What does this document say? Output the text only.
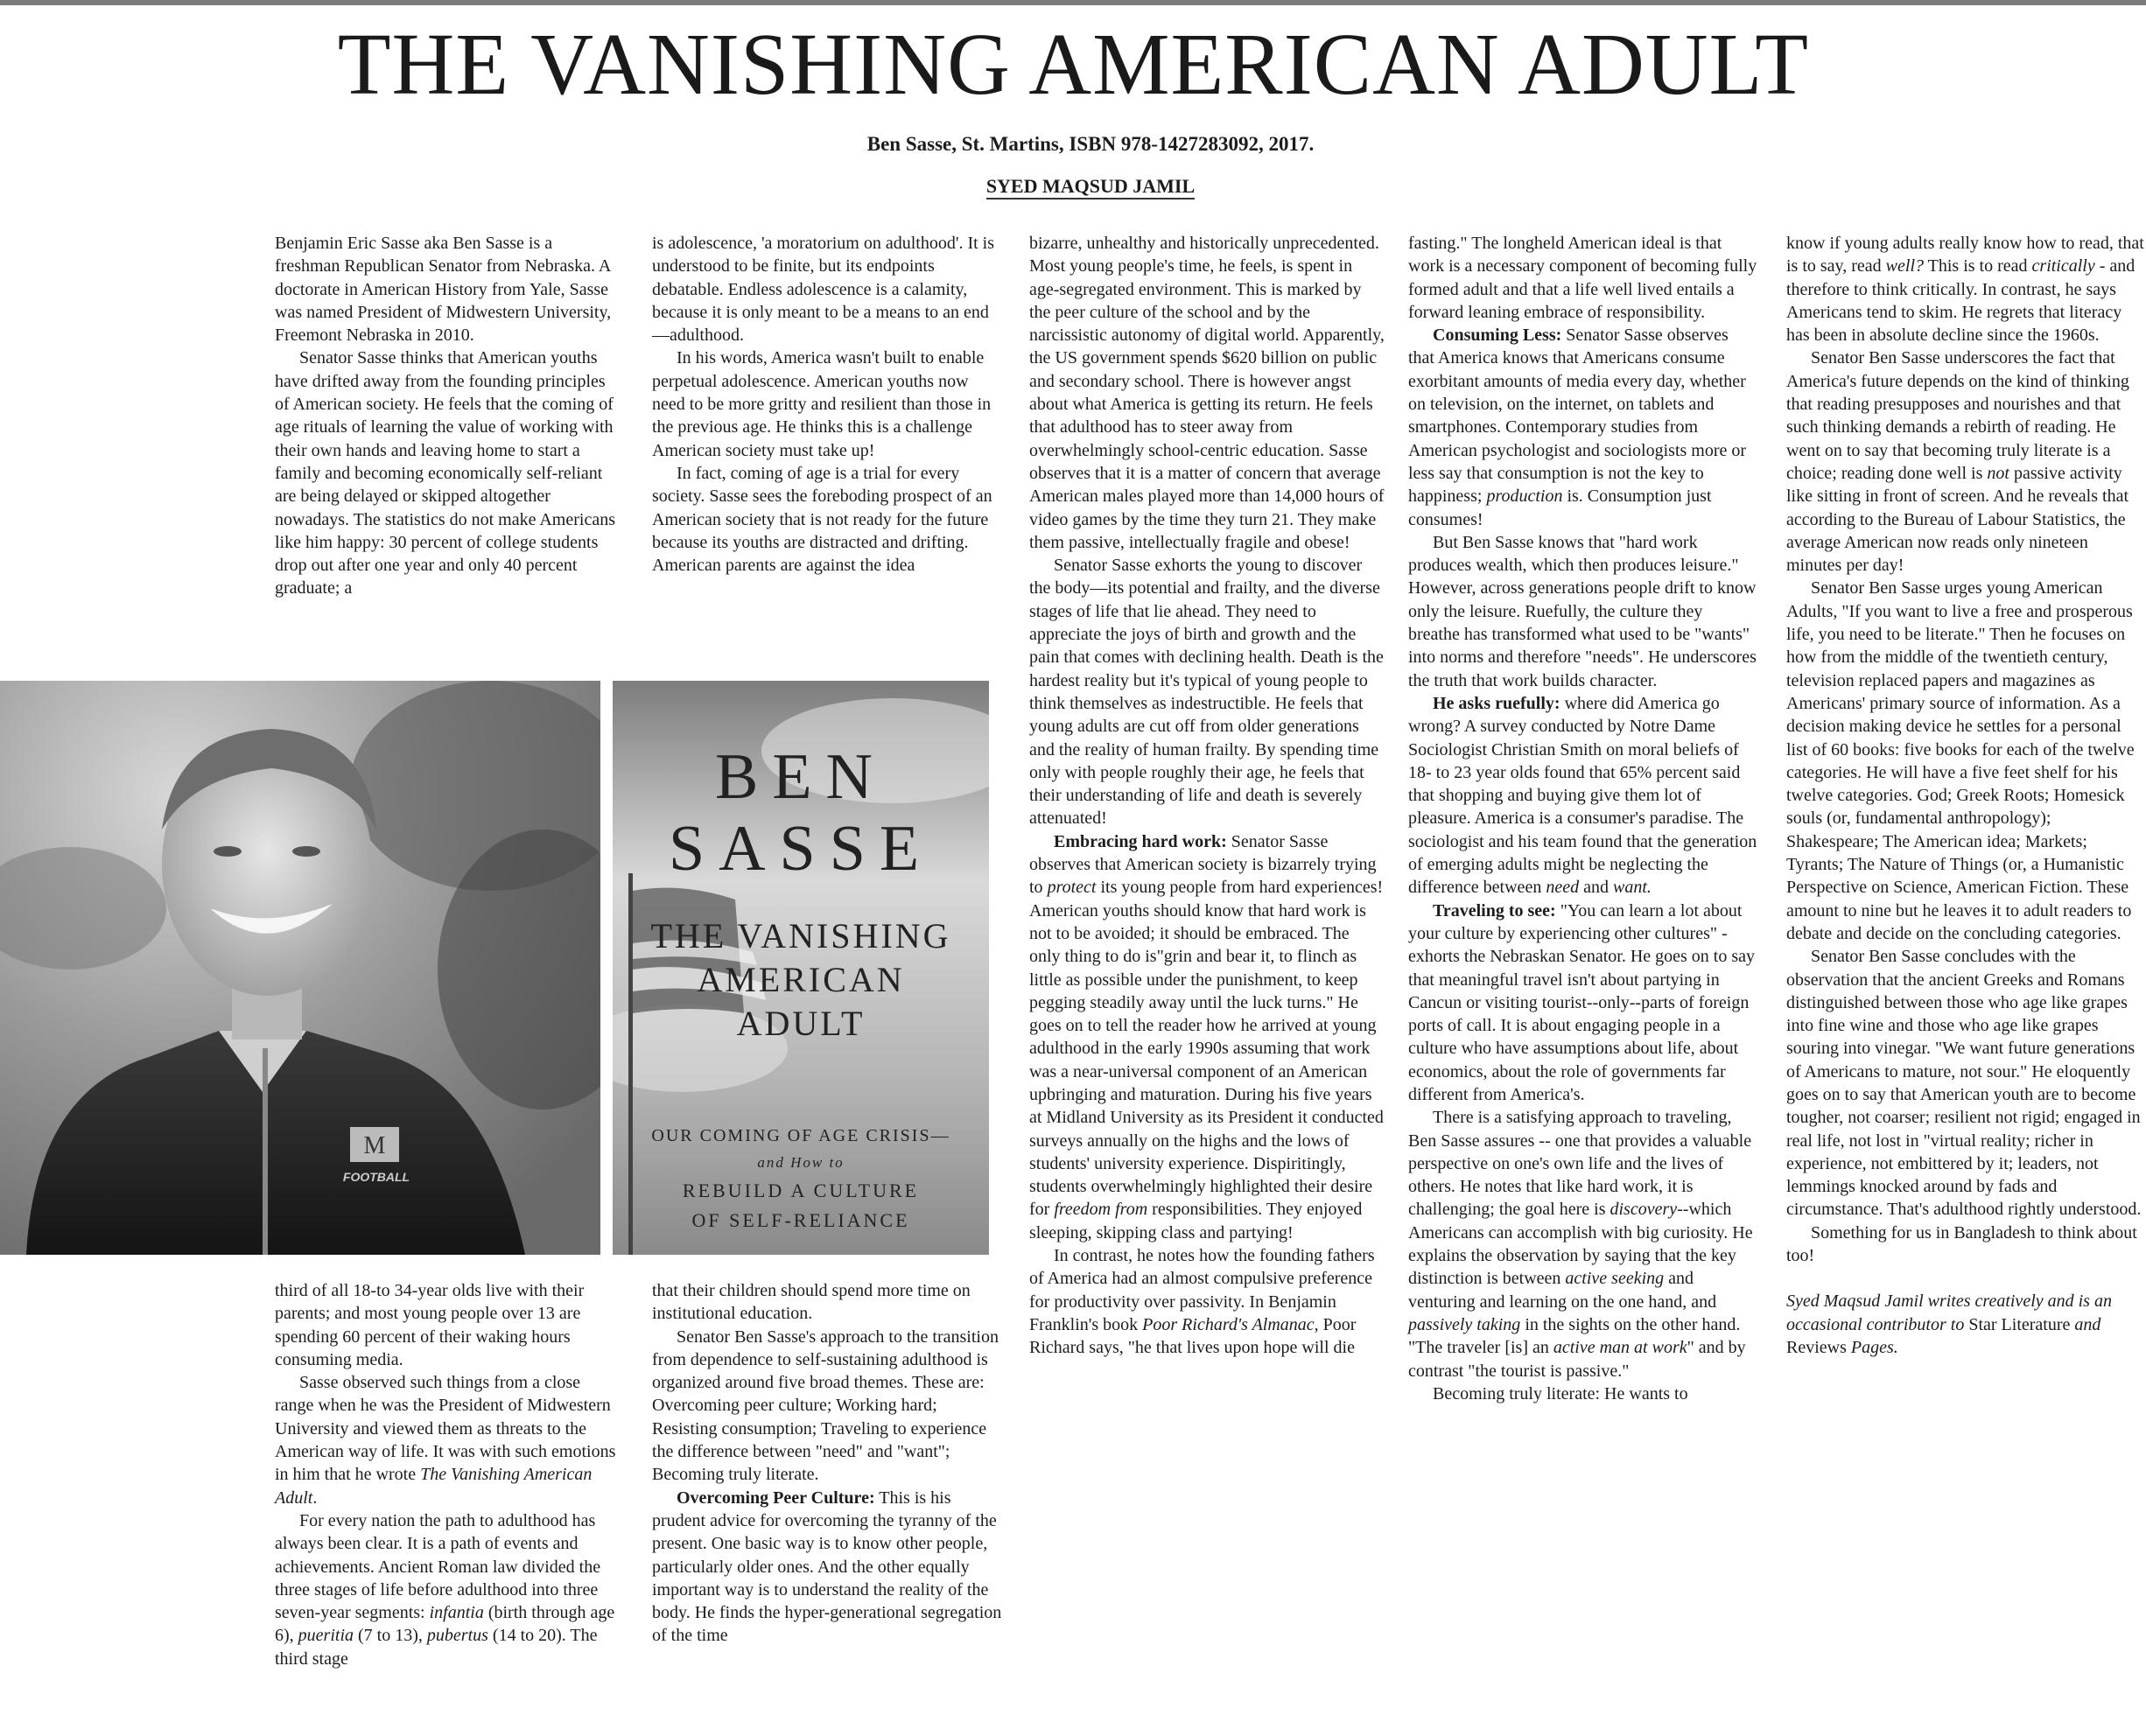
THE VANISHING AMERICAN ADULT
Ben Sasse, St. Martins, ISBN 978-1427283092, 2017.
SYED MAQSUD JAMIL

Benjamin Eric Sasse aka Ben Sasse is a freshman Republican Senator from Nebraska. A doctorate in American History from Yale, Sasse was named President of Midwestern University, Freemont Nebraska in 2010.

Senator Sasse thinks that American youths have drifted away from the founding principles of American society. He feels that the coming of age rituals of learning the value of working with their own hands and leaving home to start a family and becoming economically self-reliant are being delayed or skipped altogether nowadays. The statistics do not make Americans like him happy: 30 percent of college students drop out after one year and only 40 percent graduate; a

is adolescence, 'a moratorium on adulthood'. It is understood to be finite, but its endpoints debatable. Endless adolescence is a calamity, because it is only meant to be a means to an end—adulthood.

In his words, America wasn't built to enable perpetual adolescence. American youths now need to be more gritty and resilient than those in the previous age. He thinks this is a challenge American society must take up!

In fact, coming of age is a trial for every society. Sasse sees the foreboding prospect of an American society that is not ready for the future because its youths are distracted and drifting. American parents are against the idea

M
FOOTBALL
BEN
SASSE
THE VANISHING
AMERICAN
ADULT
OUR COMING OF AGE CRISIS—
and How to
REBUILD A CULTURE
OF SELF-RELIANCE

third of all 18-to 34-year olds live with their parents; and most young people over 13 are spending 60 percent of their waking hours consuming media.

Sasse observed such things from a close range when he was the President of Midwestern University and viewed them as threats to the American way of life. It was with such emotions in him that he wrote The Vanishing American Adult.

For every nation the path to adulthood has always been clear. It is a path of events and achievements. Ancient Roman law divided the three stages of life before adulthood into three seven-year segments: infantia (birth through age 6), pueritia (7 to 13), pubertus (14 to 20). The third stage

that their children should spend more time on institutional education.

Senator Ben Sasse's approach to the transition from dependence to self-sustaining adulthood is organized around five broad themes. These are: Overcoming peer culture; Working hard; Resisting consumption; Traveling to experience the difference between "need" and "want"; Becoming truly literate.

Overcoming Peer Culture: This is his prudent advice for overcoming the tyranny of the present. One basic way is to know other people, particularly older ones. And the other equally important way is to understand the reality of the body. He finds the hyper-generational segregation of the time

bizarre, unhealthy and historically unprecedented. Most young people's time, he feels, is spent in age-segregated environment. This is marked by the peer culture of the school and by the narcissistic autonomy of digital world. Apparently, the US government spends $620 billion on public and secondary school. There is however angst about what America is getting its return. He feels that adulthood has to steer away from overwhelmingly school-centric education. Sasse observes that it is a matter of concern that average American males played more than 14,000 hours of video games by the time they turn 21. They make them passive, intellectually fragile and obese!

Senator Sasse exhorts the young to discover the body—its potential and frailty, and the diverse stages of life that lie ahead. They need to appreciate the joys of birth and growth and the pain that comes with declining health. Death is the hardest reality but it's typical of young people to think themselves as indestructible. He feels that young adults are cut off from older generations and the reality of human frailty. By spending time only with people roughly their age, he feels that their understanding of life and death is severely attenuated!

Embracing hard work: Senator Sasse observes that American society is bizarrely trying to protect its young people from hard experiences! American youths should know that hard work is not to be avoided; it should be embraced. The only thing to do is"grin and bear it, to flinch as little as possible under the punishment, to keep pegging steadily away until the luck turns." He goes on to tell the reader how he arrived at young adulthood in the early 1990s assuming that work was a near-universal component of an American upbringing and maturation. During his five years at Midland University as its President it conducted surveys annually on the highs and the lows of students' university experience. Dispiritingly, students overwhelmingly highlighted their desire for freedom from responsibilities. They enjoyed sleeping, skipping class and partying!

In contrast, he notes how the founding fathers of America had an almost compulsive preference for productivity over passivity. In Benjamin Franklin's book Poor Richard's Almanac, Poor Richard says, "he that lives upon hope will die

fasting." The longheld American ideal is that work is a necessary component of becoming fully formed adult and that a life well lived entails a forward leaning embrace of responsibility.

Consuming Less: Senator Sasse observes that America knows that Americans consume exorbitant amounts of media every day, whether on television, on the internet, on tablets and smartphones. Contemporary studies from American psychologist and sociologists more or less say that consumption is not the key to happiness; production is. Consumption just consumes!

But Ben Sasse knows that "hard work produces wealth, which then produces leisure." However, across generations people drift to know only the leisure. Ruefully, the culture they breathe has transformed what used to be "wants" into norms and therefore "needs". He underscores the truth that work builds character.

He asks ruefully: where did America go wrong? A survey conducted by Notre Dame Sociologist Christian Smith on moral beliefs of 18- to 23 year olds found that 65% percent said that shopping and buying give them lot of pleasure. America is a consumer's paradise. The sociologist and his team found that the generation of emerging adults might be neglecting the difference between need and want.

Traveling to see: "You can learn a lot about your culture by experiencing other cultures" -exhorts the Nebraskan Senator. He goes on to say that meaningful travel isn't about partying in Cancun or visiting tourist--only--parts of foreign ports of call. It is about engaging people in a culture who have assumptions about life, about economics, about the role of governments far different from America's.

There is a satisfying approach to traveling, Ben Sasse assures -- one that provides a valuable perspective on one's own life and the lives of others. He notes that like hard work, it is challenging; the goal here is discovery--which Americans can accomplish with big curiosity. He explains the observation by saying that the key distinction is between active seeking and venturing and learning on the one hand, and passively taking in the sights on the other hand. "The traveler [is] an active man at work" and by contrast "the tourist is passive."

Becoming truly literate: He wants to

know if young adults really know how to read, that is to say, read well? This is to read critically - and therefore to think critically. In contrast, he says Americans tend to skim. He regrets that literacy has been in absolute decline since the 1960s.

Senator Ben Sasse underscores the fact that America's future depends on the kind of thinking that reading presupposes and nourishes and that such thinking demands a rebirth of reading. He went on to say that becoming truly literate is a choice; reading done well is not passive activity like sitting in front of screen. And he reveals that according to the Bureau of Labour Statistics, the average American now reads only nineteen minutes per day!

Senator Ben Sasse urges young American Adults, "If you want to live a free and prosperous life, you need to be literate." Then he focuses on how from the middle of the twentieth century, television replaced papers and magazines as Americans' primary source of information. As a decision making device he settles for a personal list of 60 books: five books for each of the twelve categories. He will have a five feet shelf for his twelve categories. God; Greek Roots; Homesick souls (or, fundamental anthropology); Shakespeare; The American idea; Markets; Tyrants; The Nature of Things (or, a Humanistic Perspective on Science, American Fiction. These amount to nine but he leaves it to adult readers to debate and decide on the concluding categories.

Senator Ben Sasse concludes with the observation that the ancient Greeks and Romans distinguished between those who age like grapes into fine wine and those who age like grapes souring into vinegar. "We want future generations of Americans to mature, not sour." He eloquently goes on to say that American youth are to become tougher, not coarser; resilient not rigid; engaged in real life, not lost in "virtual reality; richer in experience, not embittered by it; leaders, not lemmings knocked around by fads and circumstance. That's adulthood rightly understood.

Something for us in Bangladesh to think about too!

Syed Maqsud Jamil writes creatively and is an occasional contributor to Star Literature and Reviews Pages.
